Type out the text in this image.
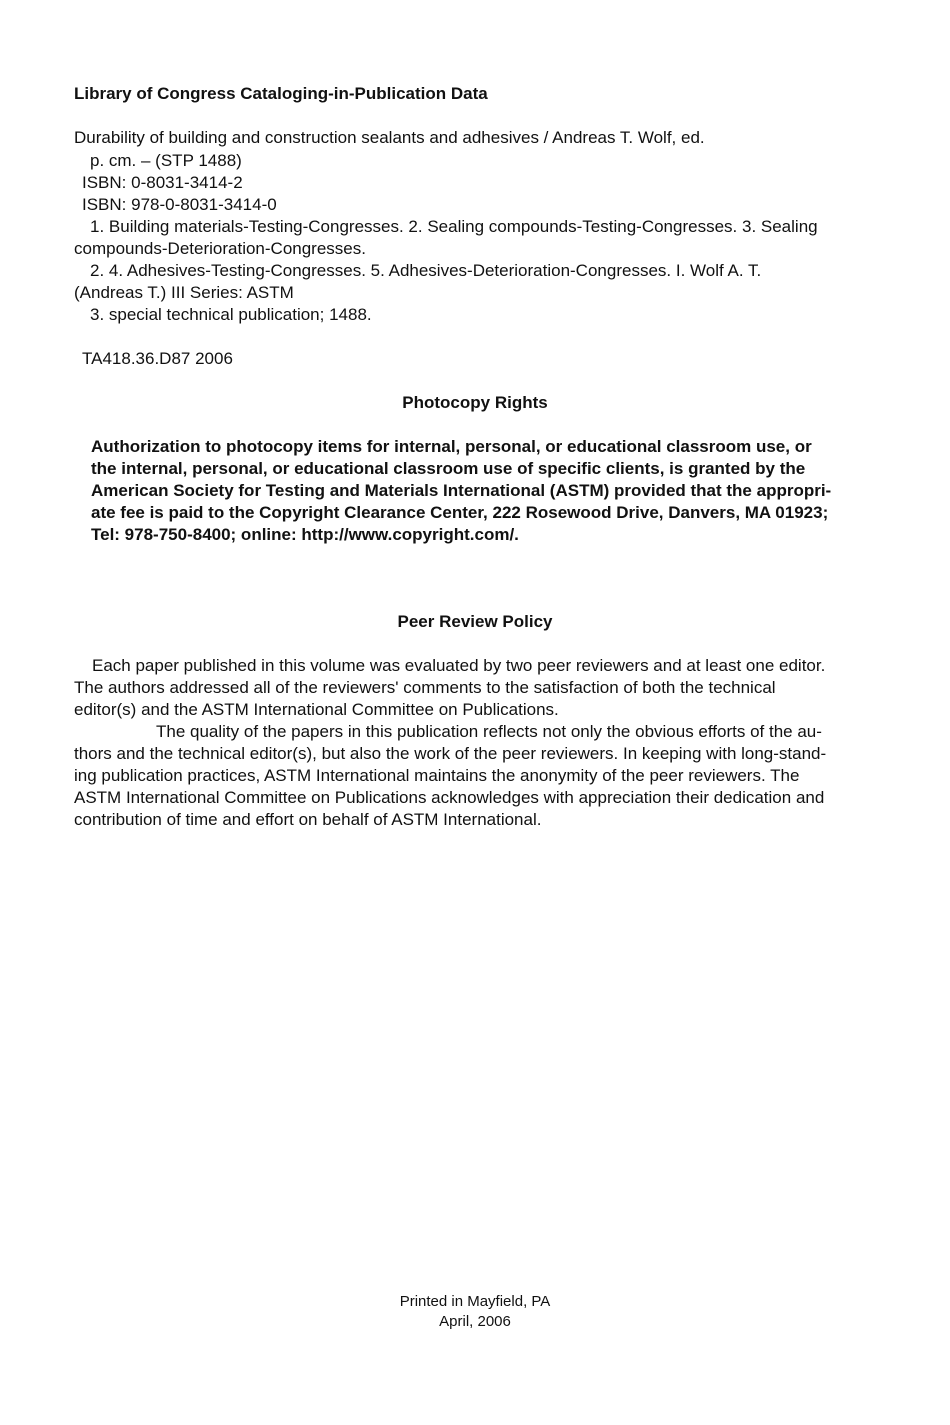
Library of Congress Cataloging-in-Publication Data
Durability of building and construction sealants and adhesives / Andreas T. Wolf, ed.
p. cm. – (STP 1488)
ISBN: 0-8031-3414-2
ISBN: 978-0-8031-3414-0
1. Building materials-Testing-Congresses. 2. Sealing compounds-Testing-Congresses. 3. Sealing
compounds-Deterioration-Congresses.
2. 4. Adhesives-Testing-Congresses. 5. Adhesives-Deterioration-Congresses. I. Wolf A. T.
(Andreas T.) III Series: ASTM
3. special technical publication; 1488.
TA418.36.D87 2006
Photocopy Rights
Authorization to photocopy items for internal, personal, or educational classroom use, or
the internal, personal, or educational classroom use of specific clients, is granted by the
American Society for Testing and Materials International (ASTM) provided that the appropri-
ate fee is paid to the Copyright Clearance Center, 222 Rosewood Drive, Danvers, MA 01923;
Tel: 978-750-8400; online: http://www.copyright.com/.
Peer Review Policy
Each paper published in this volume was evaluated by two peer reviewers and at least one editor.
The authors addressed all of the reviewers' comments to the satisfaction of both the technical
editor(s) and the ASTM International Committee on Publications.
The quality of the papers in this publication reflects not only the obvious efforts of the au-
thors and the technical editor(s), but also the work of the peer reviewers. In keeping with long-stand-
ing publication practices, ASTM International maintains the anonymity of the peer reviewers. The
ASTM International Committee on Publications acknowledges with appreciation their dedication and
contribution of time and effort on behalf of ASTM International.
Printed in Mayfield, PA
April, 2006
